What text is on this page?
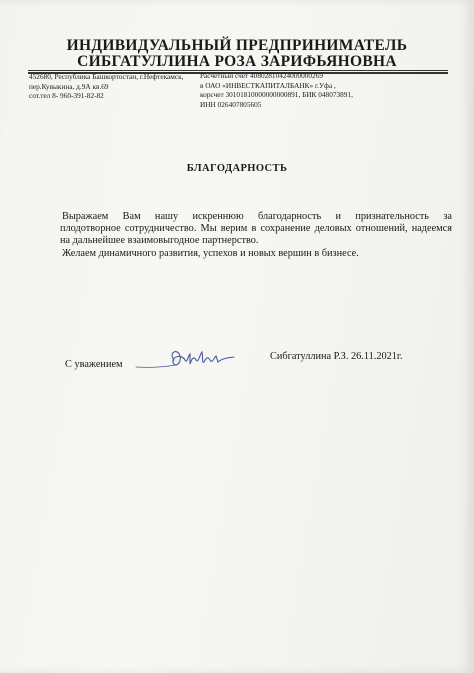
ИНДИВИДУАЛЬНЫЙ ПРЕДПРИНИМАТЕЛЬ
СИБГАТУЛЛИНА РОЗА ЗАРИФЬЯНОВНА
452680, Республика Башкортостан, г.Нефтекамск,
пер.Кувыкина, д.9А кв.69
сот.тел 8- 960-391-82-82
Расчетный счет 40802810424000000269
в ОАО «ИНВЕСТКАПИТАЛБАНК» г.Уфа ,
корсчет 30101810000000000891, БИК 048073891,
ИНН 026407805605
БЛАГОДАРНОСТЬ

Выражаем Вам нашу искреннюю благодарность и признательность за
плодотворное сотрудничество. Мы верим в сохранение деловых отношений, надеемся на дальнейшее взаимовыгодное партнерство.

Желаем динамичного развития, успехов и новых вершин в бизнесе.

С уважением
Сибгатуллина Р.З. 26.11.2021г.
